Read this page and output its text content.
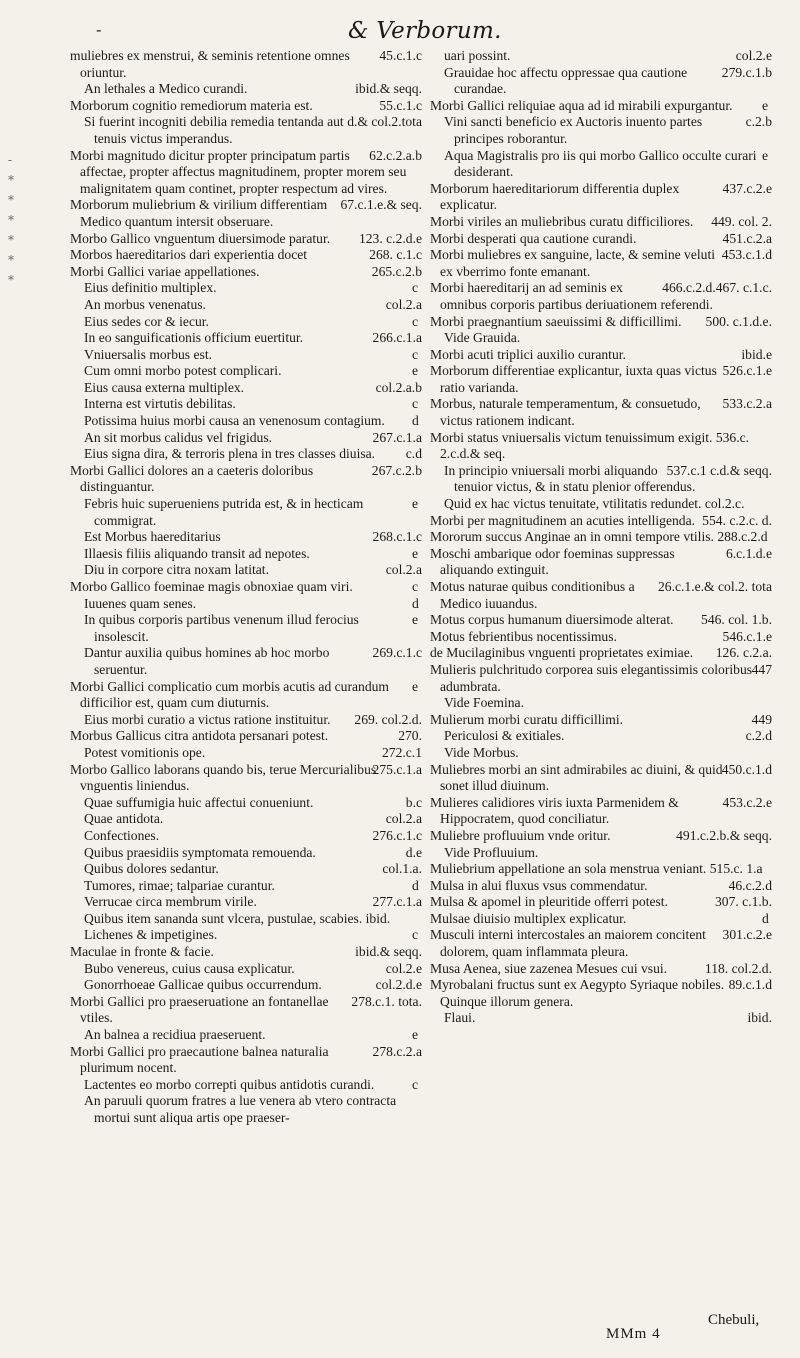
-	& Verborum.
-
*
*
*
*
*
*

45.c.1.c
muliebres ex menstrui, & seminis retentione omnes oriuntur.

ibid.& seqq.
An lethales a Medico curandi.

55.c.1.c
Morborum cognitio remediorum materia est.

d.& col.2.tota
Si fuerint incogniti debilia remedia tentanda aut tenuis victus imperandus.

62.c.2.a.b
Morbi magnitudo dicitur propter principatum partis affectae, propter affectus magnitudinem, propter morem seu malignitatem quam continet, propter respectum ad vires.

67.c.1.e.& seq.
Morborum muliebrium & virilium differentiam Medico quantum intersit obseruare.

123. c.2.d.e
Morbo Gallico vnguentum diuersimode paratur.

268. c.1.c
Morbos haereditarios dari experientia docet

265.c.2.b
Morbi Gallici variae appellationes.

c
Eius definitio multiplex.

col.2.a
An morbus venenatus.

c
Eius sedes cor & iecur.

266.c.1.a
In eo sanguificationis officium euertitur.

c
Vniuersalis morbus est.

e
Cum omni morbo potest complicari.

col.2.a.b
Eius causa externa multiplex.

c
Interna est virtutis debilitas.

d
Potissima huius morbi causa an venenosum contagium.

267.c.1.a
An sit morbus calidus vel frigidus.

c.d
Eius signa dira, & terroris plena in tres classes diuisa.

267.c.2.b
Morbi Gallici dolores an a caeteris doloribus distinguantur.

e
Febris huic superueniens putrida est, & in hecticam commigrat.

268.c.1.c
Est Morbus haereditarius

e
Illaesis filiis aliquando transit ad nepotes.

col.2.a
Diu in corpore citra noxam latitat.

c
Morbo Gallico foeminae magis obnoxiae quam viri.

d
Iuuenes quam senes.

e
In quibus corporis partibus venenum illud ferocius insolescit.

269.c.1.c
Dantur auxilia quibus homines ab hoc morbo seruentur.

e
Morbi Gallici complicatio cum morbis acutis ad curandum difficilior est, quam cum diuturnis.

269. col.2.d.
Eius morbi curatio a victus ratione instituitur.

270.
Morbus Gallicus citra antidota persanari potest.

272.c.1
Potest vomitionis ope.

275.c.1.a
Morbo Gallico laborans quando bis, terue Mercurialibus vnguentis liniendus.

b.c
Quae suffumigia huic affectui conueniunt.

col.2.a
Quae antidota.

276.c.1.c
Confectiones.

d.e
Quibus praesidiis symptomata remouenda.

col.1.a.
Quibus dolores sedantur.

d
Tumores, rimae; talpariae curantur.

277.c.1.a
Verrucae circa membrum virile.

Quibus item sananda sunt vlcera, pustulae, scabies. ibid.

c
Lichenes & impetigines.

ibid.& seqq.
Maculae in fronte & facie.

col.2.e
Bubo venereus, cuius causa explicatur.

col.2.d.e
Gonorrhoeae Gallicae quibus occurrendum.

278.c.1. tota.
Morbi Gallici pro praeseruatione an fontanellae vtiles.

e
An balnea a recidiua praeseruent.

278.c.2.a
Morbi Gallici pro praecautione balnea naturalia plurimum nocent.

c
Lactentes eo morbo correpti quibus antidotis curandi.

An paruuli quorum fratres a lue venera ab vtero contracta mortui sunt aliqua artis ope praeser-

col.2.e
uari possint.

279.c.1.b
Grauidae hoc affectu oppressae qua cautione curandae.

e
Morbi Gallici reliquiae aqua ad id mirabili expurgantur.

c.2.b
Vini sancti beneficio ex Auctoris inuento partes principes roborantur.

e
Aqua Magistralis pro iis qui morbo Gallico occulte curari desiderant.

437.c.2.e
Morborum haereditariorum differentia duplex explicatur.

449. col. 2.
Morbi viriles an muliebribus curatu difficiliores.

451.c.2.a
Morbi desperati qua cautione curandi.

453.c.1.d
Morbi muliebres ex sanguine, lacte, & semine veluti ex vberrimo fonte emanant.

466.c.2.d.467. c.1.c.
Morbi haereditarij an ad seminis ex omnibus corporis partibus deriuationem referendi.

500. c.1.d.e.
Morbi praegnantium saeuissimi & difficillimi.

Vide Grauida.

ibid.e
Morbi acuti triplici auxilio curantur.

526.c.1.e
Morborum differentiae explicantur, iuxta quas victus ratio varianda.

533.c.2.a
Morbus, naturale temperamentum, & consuetudo, victus rationem indicant.

Morbi status vniuersalis victum tenuissimum exigit. 536.c. 2.c.d.& seq.

537.c.1 c.d.& seqq.
In principio vniuersali morbi aliquando tenuior victus, & in statu plenior offerendus.

Quid ex hac victus tenuitate, vtilitatis redundet. col.2.c.

554. c.2.c. d.
Morbi per magnitudinem an acuties intelligenda.

Mororum succus Anginae an in omni tempore vtilis. 288.c.2.d

6.c.1.d.e
Moschi ambarique odor foeminas suppressas aliquando extinguit.

26.c.1.e.& col.2. tota
Motus naturae quibus conditionibus a Medico iuuandus.

546. col. 1.b.
Motus corpus humanum diuersimode alterat.

546.c.1.e
Motus febrientibus nocentissimus.

126. c.2.a.
de Mucilaginibus vnguenti proprietates eximiae.

447
Mulieris pulchritudo corporea suis elegantissimis coloribus adumbrata.

Vide Foemina.

449
Mulierum morbi curatu difficillimi.

c.2.d
Periculosi & exitiales.

Vide Morbus.

450.c.1.d
Muliebres morbi an sint admirabiles ac diuini, & quid sonet illud diuinum.

453.c.2.e
Mulieres calidiores viris iuxta Parmenidem & Hippocratem, quod conciliatur.

491.c.2.b.& seqq.
Muliebre profluuium vnde oritur.

Vide Profluuium.

Muliebrium appellatione an sola menstrua veniant. 515.c. 1.a

46.c.2.d
Mulsa in alui fluxus vsus commendatur.

307. c.1.b.
Mulsa & apomel in pleuritide offerri potest.

d
Mulsae diuisio multiplex explicatur.

301.c.2.e
Musculi interni intercostales an maiorem concitent dolorem, quam inflammata pleura.

118. col.2.d.
Musa Aenea, siue zazenea Mesues cui vsui.

89.c.1.d
Myrobalani fructus sunt ex Aegypto Syriaque nobiles. Quinque illorum genera.

ibid.
Flaui.

MMm 4
Chebuli,
